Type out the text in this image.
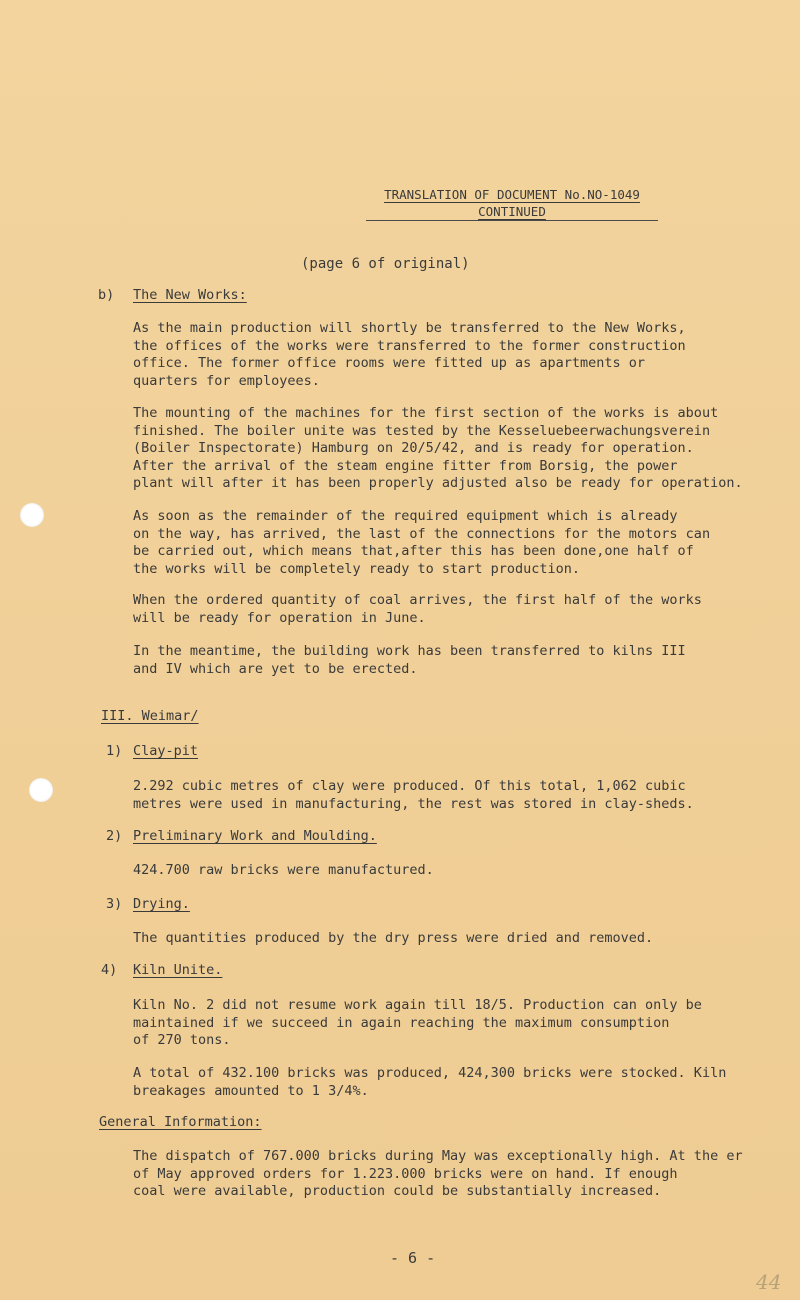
TRANSLATION OF DOCUMENT No.NO-1049
CONTINUED

(page 6 of original)

b) The New Works:

As the main production will shortly be transferred to the New Works,
the offices of the works were transferred to the former construction
office. The former office rooms were fitted up as apartments or
quarters for employees.

The mounting of the machines for the first section of the works is about
finished. The boiler unite was tested by the Kesseluebeerwachungsverein
(Boiler Inspectorate) Hamburg on 20/5/42, and is ready for operation.
After the arrival of the steam engine fitter from Borsig, the power
plant will after it has been properly adjusted also be ready for operation.

As soon as the remainder of the required equipment which is already
on the way, has arrived, the last of the connections for the motors can
be carried out, which means that,after this has been done,one half of
the works will be completely ready to start production.

When the ordered quantity of coal arrives, the first half of the works
will be ready for operation in June.

In the meantime, the building work has been transferred to kilns III
and IV which are yet to be erected.

III. Weimar/

1) Clay-pit

2.292 cubic metres of clay were produced. Of this total, 1,062 cubic
metres were used in manufacturing, the rest was stored in clay-sheds.

2) Preliminary Work and Moulding.

424.700 raw bricks were manufactured.

3) Drying.

The quantities produced by the dry press were dried and removed.

4) Kiln Unite.

Kiln No. 2 did not resume work again till 18/5. Production can only be
maintained if we succeed in again reaching the maximum consumption
of 270 tons.

A total of 432.100 bricks was produced, 424,300 bricks were stocked. Kiln
breakages amounted to 1 3/4%.

General Information:

The dispatch of 767.000 bricks during May was exceptionally high. At the er
of May approved orders for 1.223.000 bricks were on hand. If enough
coal were available, production could be substantially increased.

- 6 -

44
